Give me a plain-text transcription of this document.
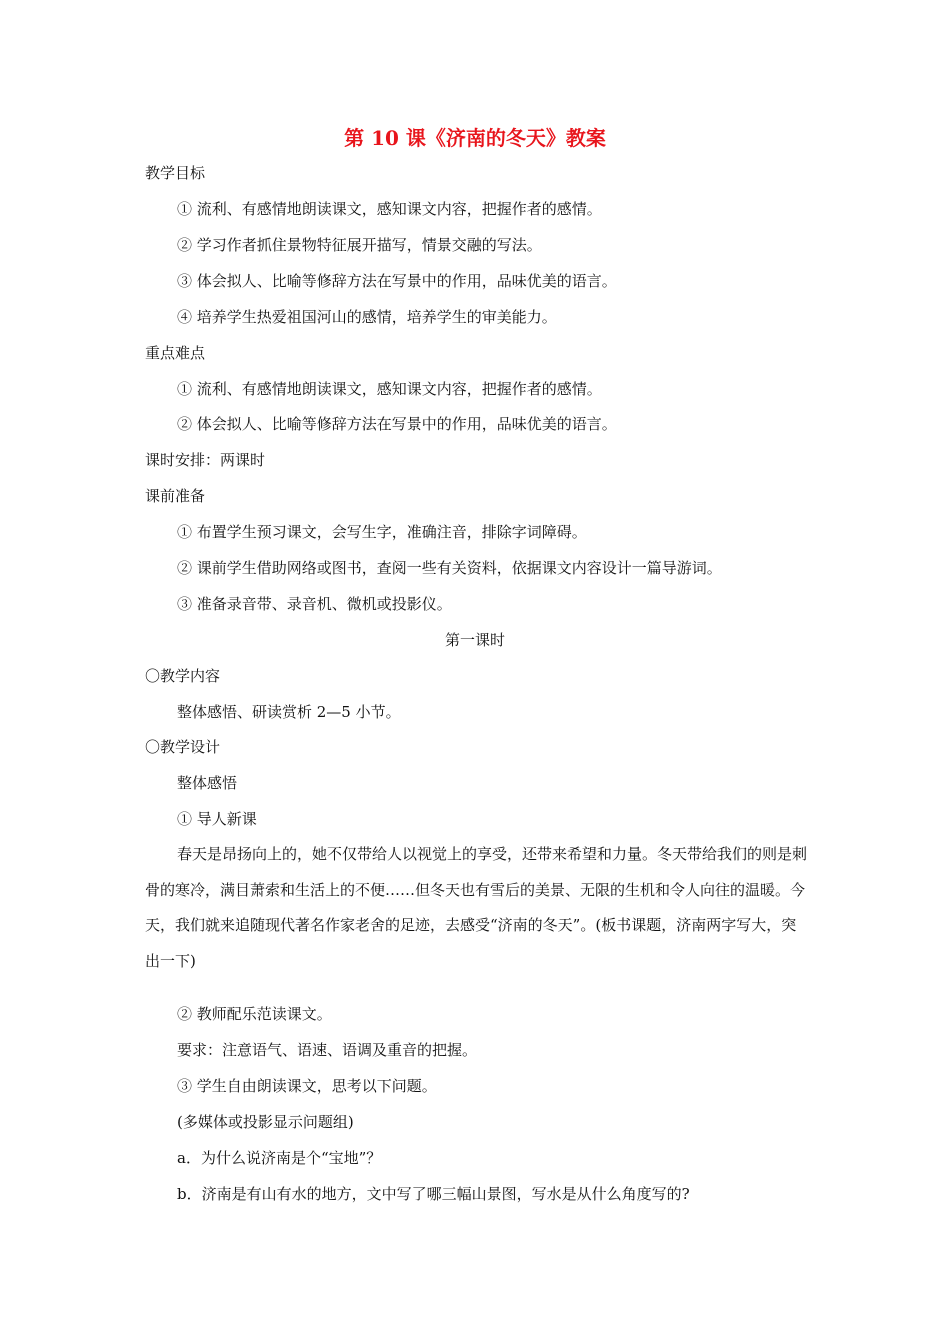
第 10 课《济南的冬天》教案
教学目标
① 流利、有感情地朗读课文，感知课文内容，把握作者的感情。
② 学习作者抓住景物特征展开描写，情景交融的写法。
③ 体会拟人、比喻等修辞方法在写景中的作用，品味优美的语言。
④ 培养学生热爱祖国河山的感情，培养学生的审美能力。
重点难点
① 流利、有感情地朗读课文，感知课文内容，把握作者的感情。
② 体会拟人、比喻等修辞方法在写景中的作用，品味优美的语言。
课时安排：两课时
课前准备
① 布置学生预习课文，会写生字，准确注音，排除字词障碍。
② 课前学生借助网络或图书，查阅一些有关资料，依据课文内容设计一篇导游词。
③ 准备录音带、录音机、微机或投影仪。
第一课时
〇教学内容
整体感悟、研读赏析 2—5 小节。
〇教学设计
整体感悟
① 导人新课
春天是昂扬向上的，她不仅带给人以视觉上的享受，还带来希望和力量。冬天带给我们的则是刺骨的寒冷，满目萧索和生活上的不便……但冬天也有雪后的美景、无限的生机和令人向往的温暖。今天，我们就来追随现代著名作家老舍的足迹，去感受“济南的冬天”。(板书课题，济南两字写大，突出一下)
② 教师配乐范读课文。
要求：注意语气、语速、语调及重音的把握。
③ 学生自由朗读课文，思考以下问题。
(多媒体或投影显示问题组)
a．为什么说济南是个“宝地”？
b．济南是有山有水的地方，文中写了哪三幅山景图，写水是从什么角度写的?
